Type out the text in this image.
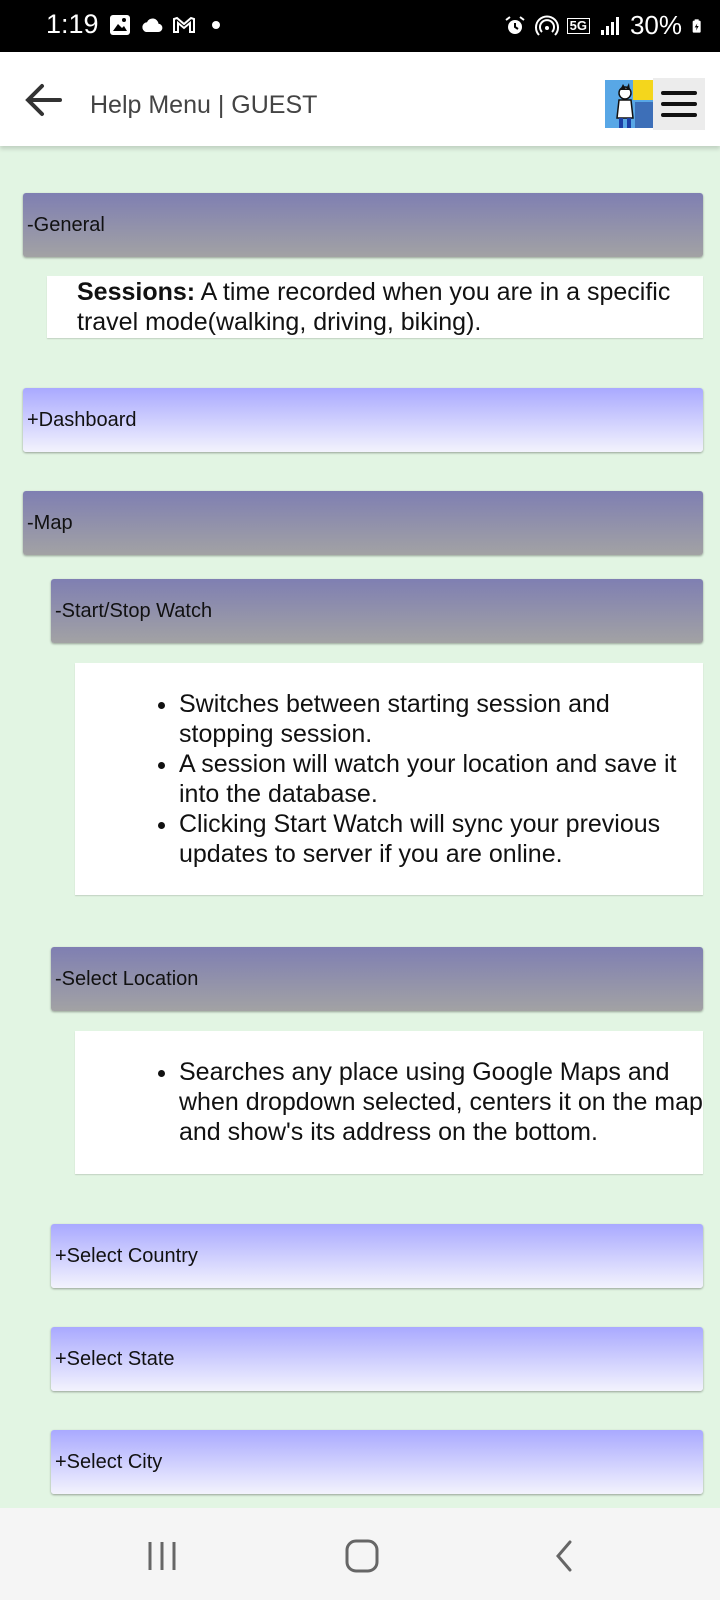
1:19	5G 30%
Help Menu | GUEST
-General

Sessions: A time recorded when you are in a specific travel mode(walking, driving, biking).

+Dashboard
-Map
-Start/Stop Watch
• Switches between starting session and stopping session.
• A session will watch your location and save it into the database.
• Clicking Start Watch will sync your previous updates to server if you are online.
-Select Location
• Searches any place using Google Maps and when dropdown selected, centers it on the map and show's its address on the bottom.
+Select Country
+Select State
+Select City
